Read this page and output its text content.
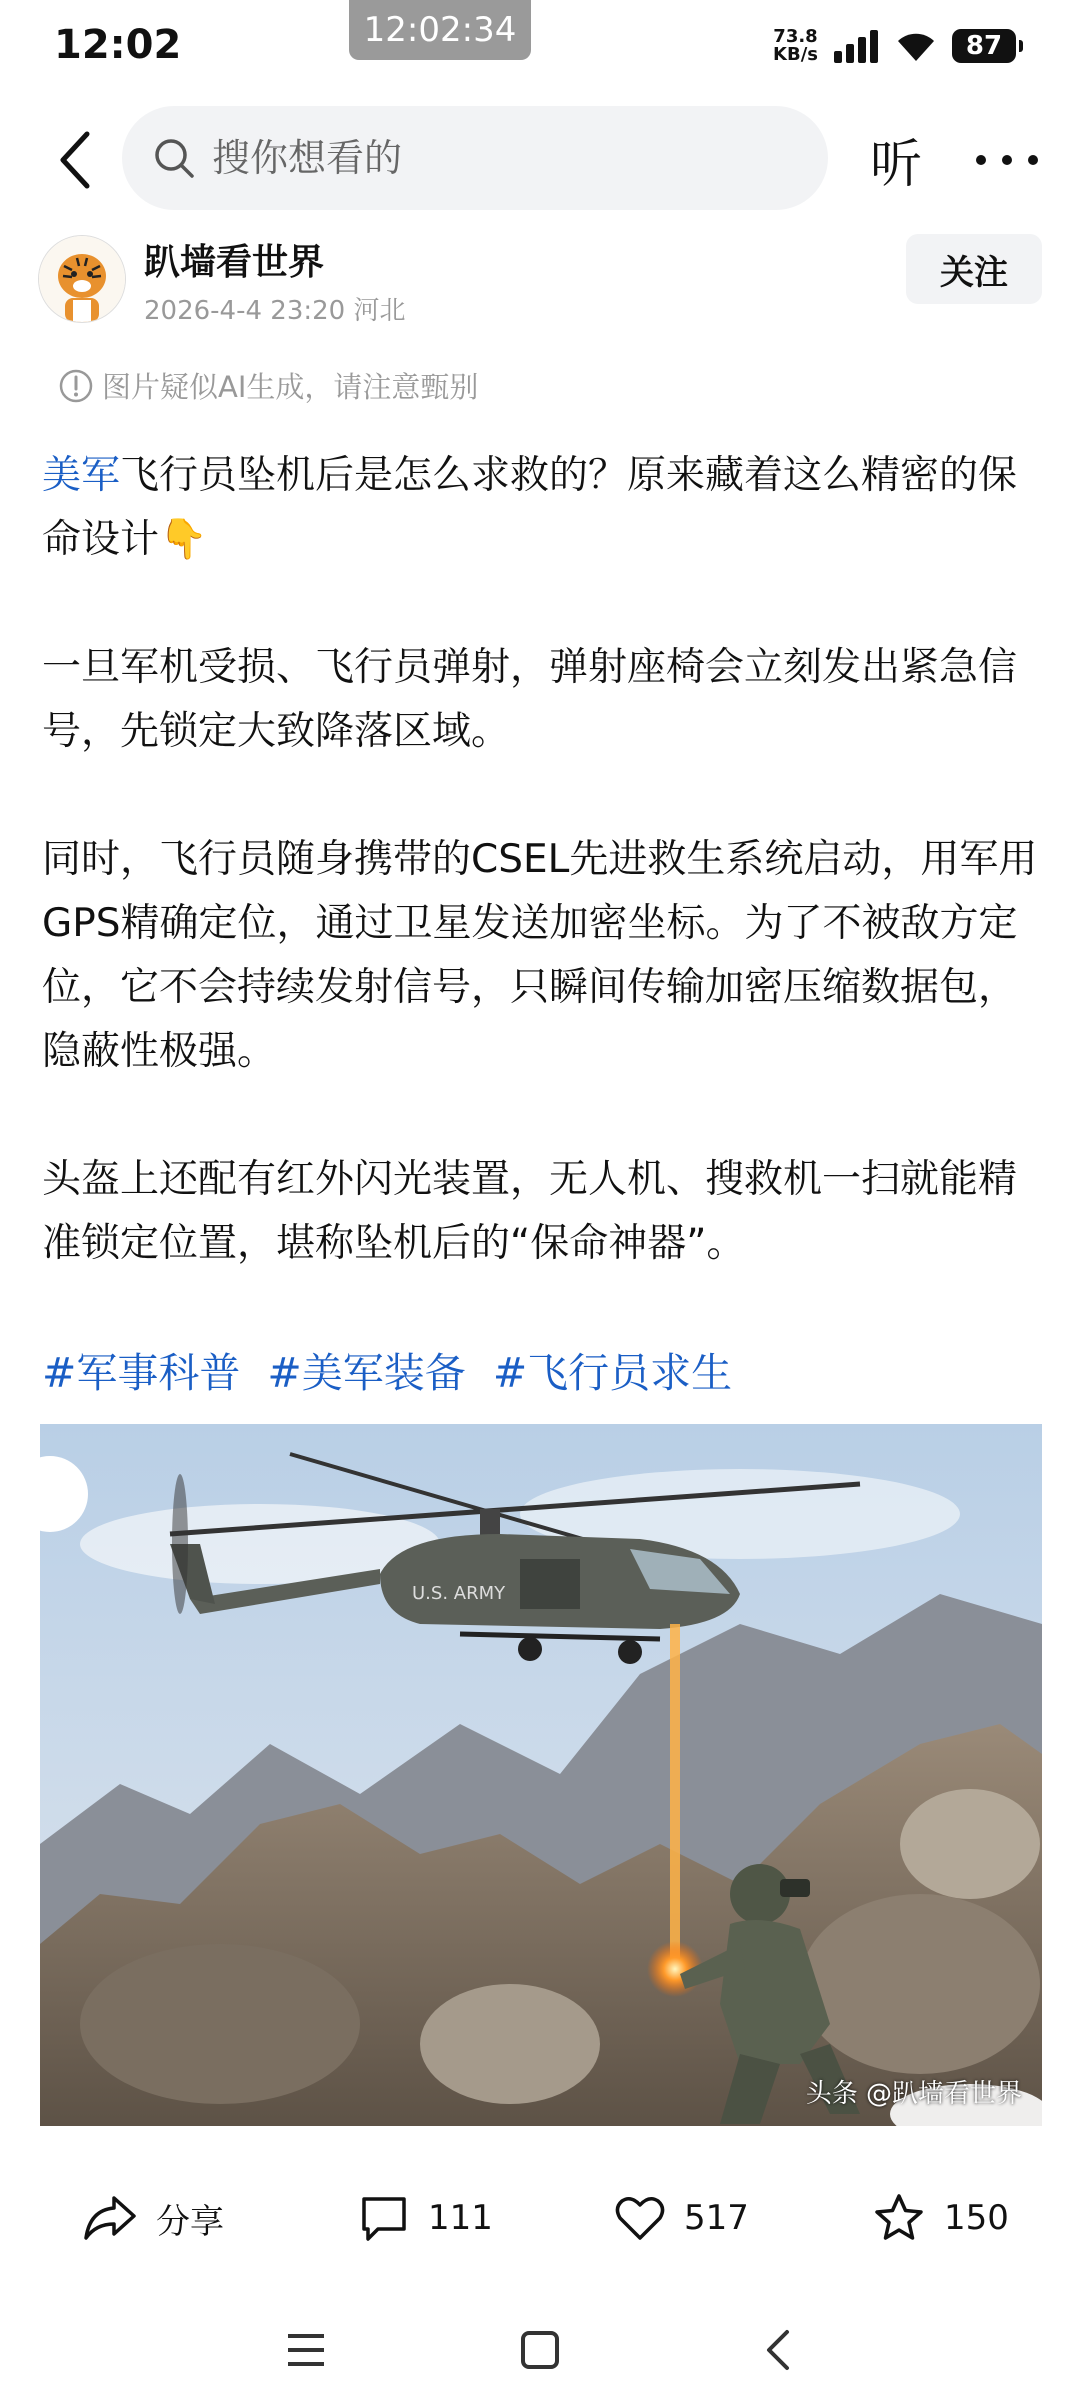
12:02	12:02:34	73.8
KB/s	87
搜你想看的
听
趴墙看世界
2026-4-4 23:20 河北
关注
图片疑似AI生成，请注意甄别

美军飞行员坠机后是怎么求救的？原来藏着这么精密的保命设计👇

一旦军机受损、飞行员弹射，弹射座椅会立刻发出紧急信号，先锁定大致降落区域。

同时，飞行员随身携带的CSEL先进救生系统启动，用军用GPS精确定位，通过卫星发送加密坐标。为了不被敌方定位，它不会持续发射信号，只瞬间传输加密压缩数据包，隐蔽性极强。

头盔上还配有红外闪光装置，无人机、搜救机一扫就能精准锁定位置，堪称坠机后的“保命神器”。

#军事科普 #美军装备 #飞行员求生
U.S. ARMY
头条 @趴墙看世界
分享	111	517	150
